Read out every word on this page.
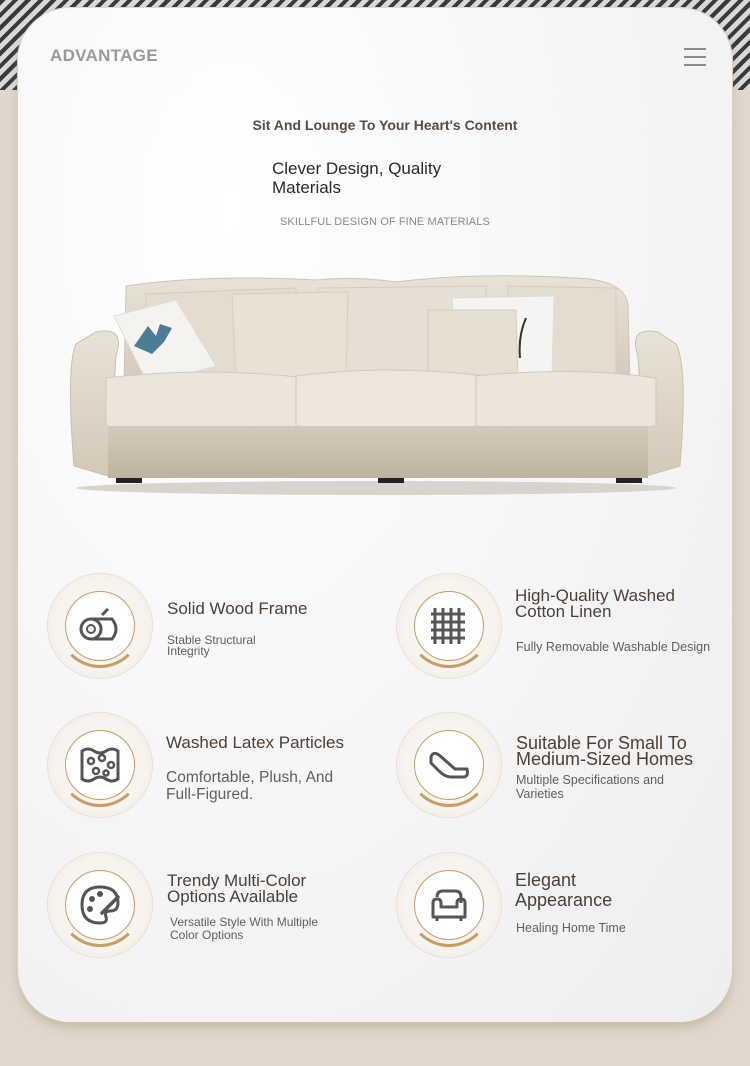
ADVANTAGE
Sit And Lounge To Your Heart's Content
Clever Design, Quality Materials
SKILLFUL DESIGN OF FINE MATERIALS
Solid Wood Frame
Stable Structural Integrity
High-Quality Washed Cotton Linen
Fully Removable Washable Design
Washed Latex Particles
Comfortable, Plush, And Full-Figured.
Suitable For Small To Medium-Sized Homes
Multiple Specifications and Varieties
Trendy Multi-Color Options Available
Versatile Style With Multiple Color Options
Elegant Appearance
Healing Home Time
